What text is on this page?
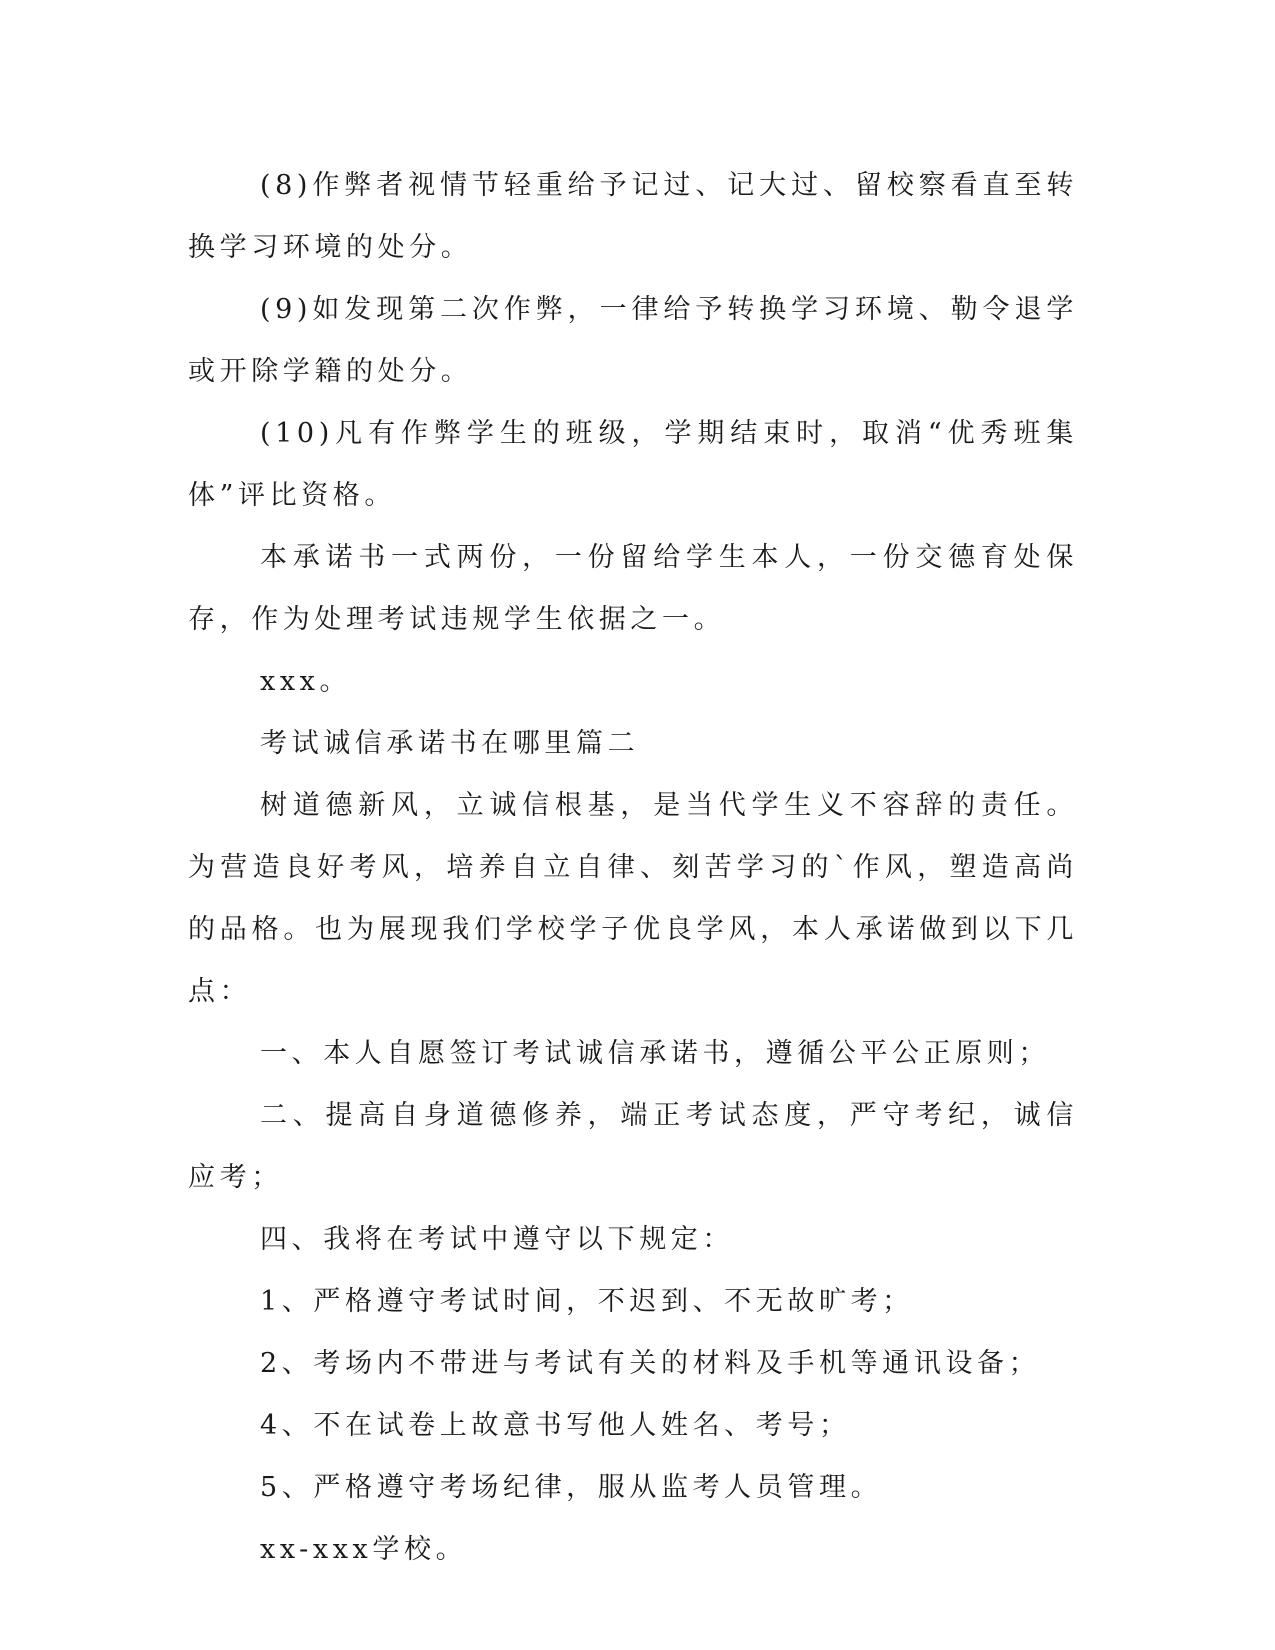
(8)作弊者视情节轻重给予记过、记大过、留校察看直至转换学习环境的处分。

(9)如发现第二次作弊，一律给予转换学习环境、勒令退学或开除学籍的处分。

(10)凡有作弊学生的班级，学期结束时，取消“优秀班集体”评比资格。

本承诺书一式两份，一份留给学生本人，一份交德育处保存，作为处理考试违规学生依据之一。

xxx。

考试诚信承诺书在哪里篇二

树道德新风，立诚信根基，是当代学生义不容辞的责任。为营造良好考风，培养自立自律、刻苦学习的`作风，塑造高尚的品格。也为展现我们学校学子优良学风，本人承诺做到以下几点：

一、本人自愿签订考试诚信承诺书，遵循公平公正原则；

二、提高自身道德修养，端正考试态度，严守考纪，诚信应考；

四、我将在考试中遵守以下规定：

1、严格遵守考试时间，不迟到、不无故旷考；

2、考场内不带进与考试有关的材料及手机等通讯设备；

4、不在试卷上故意书写他人姓名、考号；

5、严格遵守考场纪律，服从监考人员管理。

xx-xxx学校。
